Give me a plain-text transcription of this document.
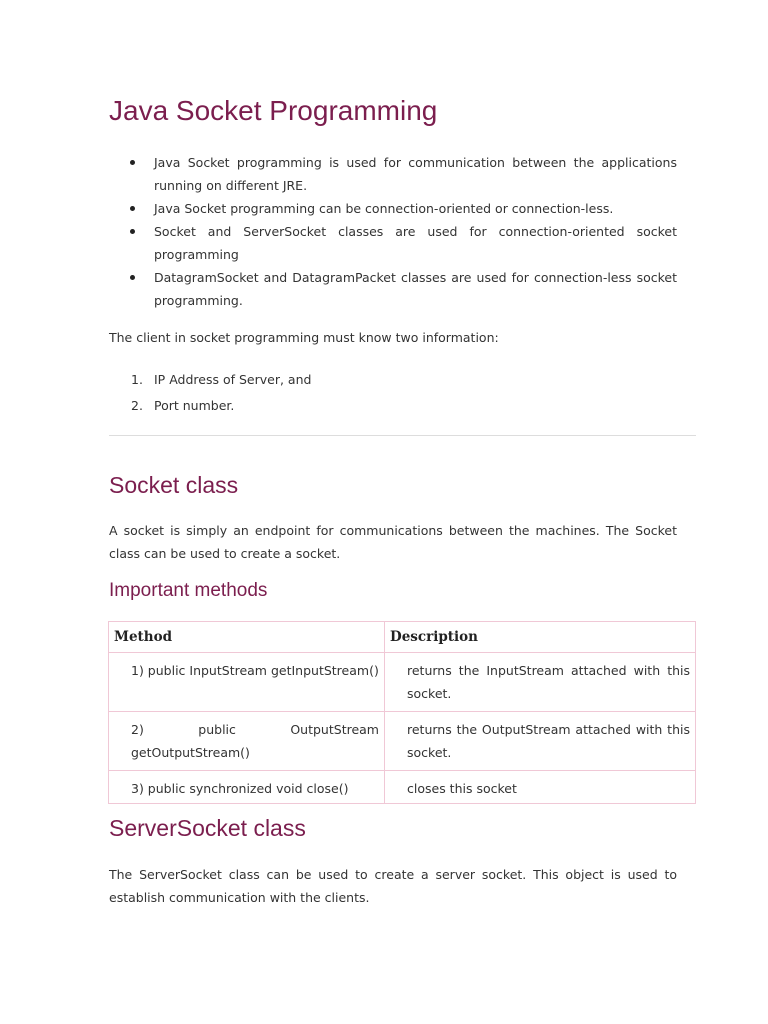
Java Socket Programming
Java Socket programming is used for communication between the applications running on different JRE.
Java Socket programming can be connection-oriented or connection-less.
Socket and ServerSocket classes are used for connection-oriented socket programming
DatagramSocket and DatagramPacket classes are used for connection-less socket programming.

The client in socket programming must know two information:

1. IP Address of Server, and
2. Port number.
Socket class

A socket is simply an endpoint for communications between the machines. The Socket class can be used to create a socket.

Important methods
Method	Description
1) public InputStream getInputStream()	returns the InputStream attached with this socket.
2) public OutputStream getOutputStream()	returns the OutputStream attached with this socket.
3) public synchronized void close()	closes this socket
ServerSocket class

The ServerSocket class can be used to create a server socket. This object is used to establish communication with the clients.
